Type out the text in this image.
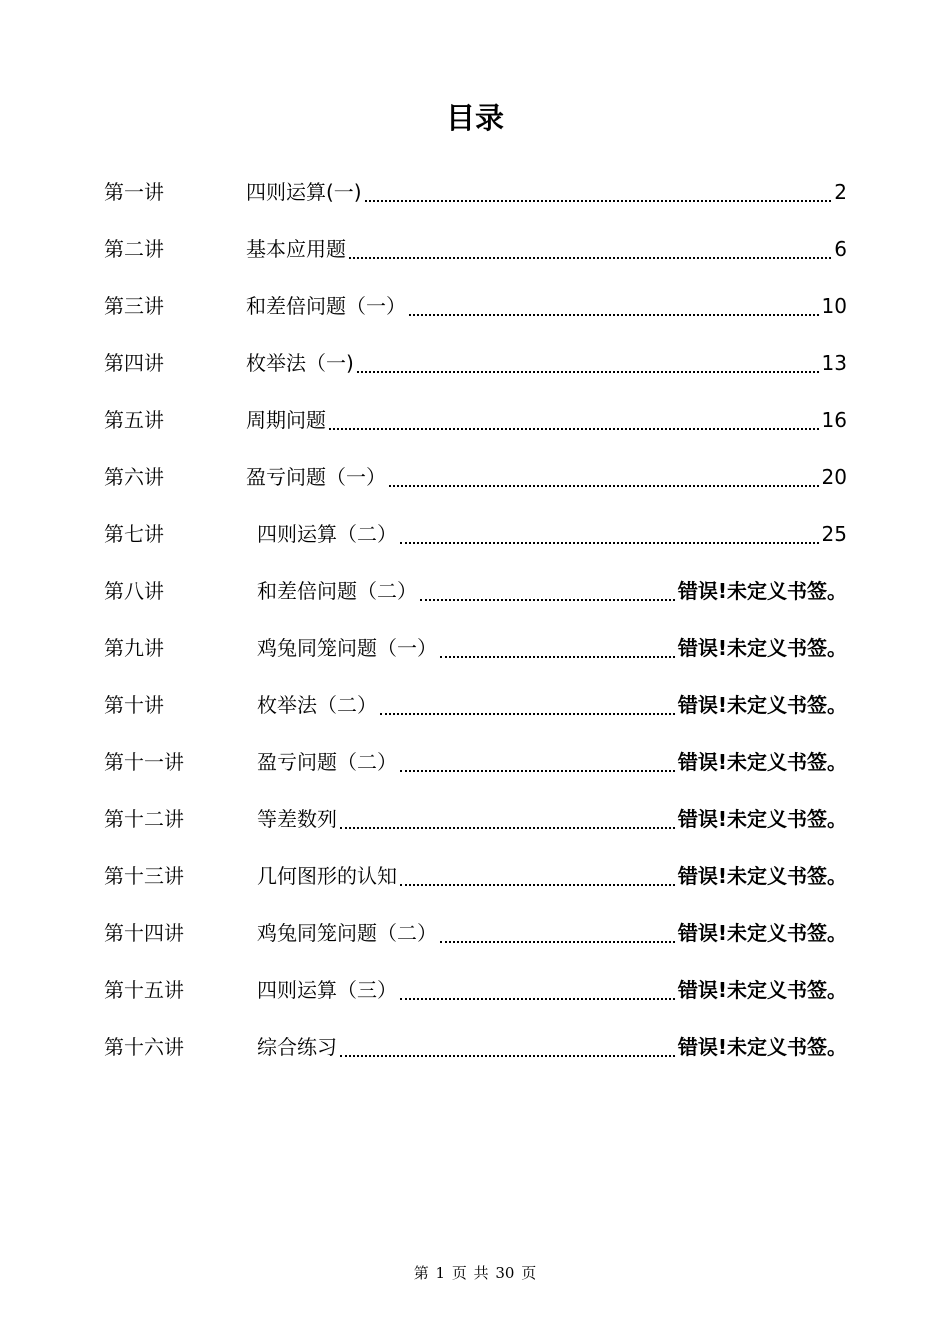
目录
第一讲	四则运算(一)	2
第二讲	基本应用题	6
第三讲	和差倍问题（一）	10
第四讲	枚举法（一)	13
第五讲	周期问题	16
第六讲	盈亏问题（一）	20
第七讲	四则运算（二）	25
第八讲	和差倍问题（二）	错误!未定义书签。
第九讲	鸡兔同笼问题（一）	错误!未定义书签。
第十讲	枚举法（二）	错误!未定义书签。
第十一讲	盈亏问题（二）	错误!未定义书签。
第十二讲	等差数列	错误!未定义书签。
第十三讲	几何图形的认知	错误!未定义书签。
第十四讲	鸡兔同笼问题（二）	错误!未定义书签。
第十五讲	四则运算（三）	错误!未定义书签。
第十六讲	综合练习	错误!未定义书签。
第 1 页 共 30 页
